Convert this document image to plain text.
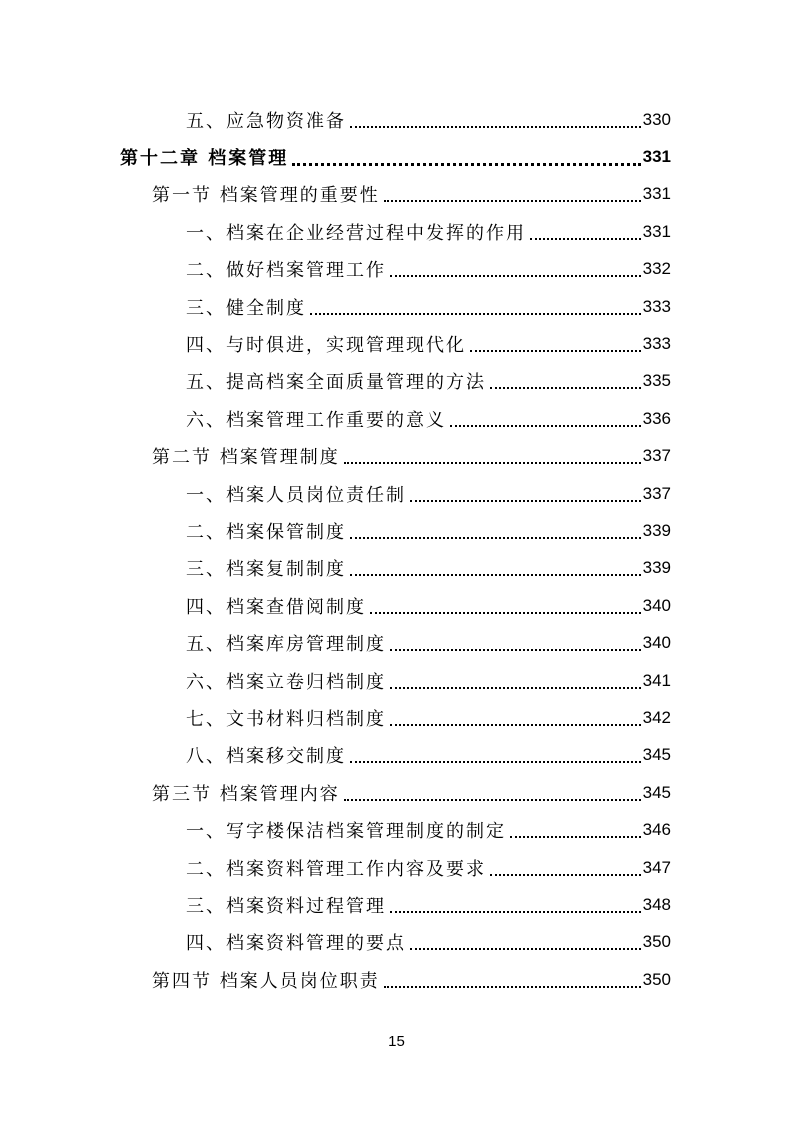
五、应急物资准备	330
第十二章 档案管理	331
第一节 档案管理的重要性	331
一、档案在企业经营过程中发挥的作用	331
二、做好档案管理工作	332
三、健全制度	333
四、与时俱进，实现管理现代化	333
五、提高档案全面质量管理的方法	335
六、档案管理工作重要的意义	336
第二节 档案管理制度	337
一、档案人员岗位责任制	337
二、档案保管制度	339
三、档案复制制度	339
四、档案查借阅制度	340
五、档案库房管理制度	340
六、档案立卷归档制度	341
七、文书材料归档制度	342
八、档案移交制度	345
第三节 档案管理内容	345
一、写字楼保洁档案管理制度的制定	346
二、档案资料管理工作内容及要求	347
三、档案资料过程管理	348
四、档案资料管理的要点	350
第四节 档案人员岗位职责	350
15
